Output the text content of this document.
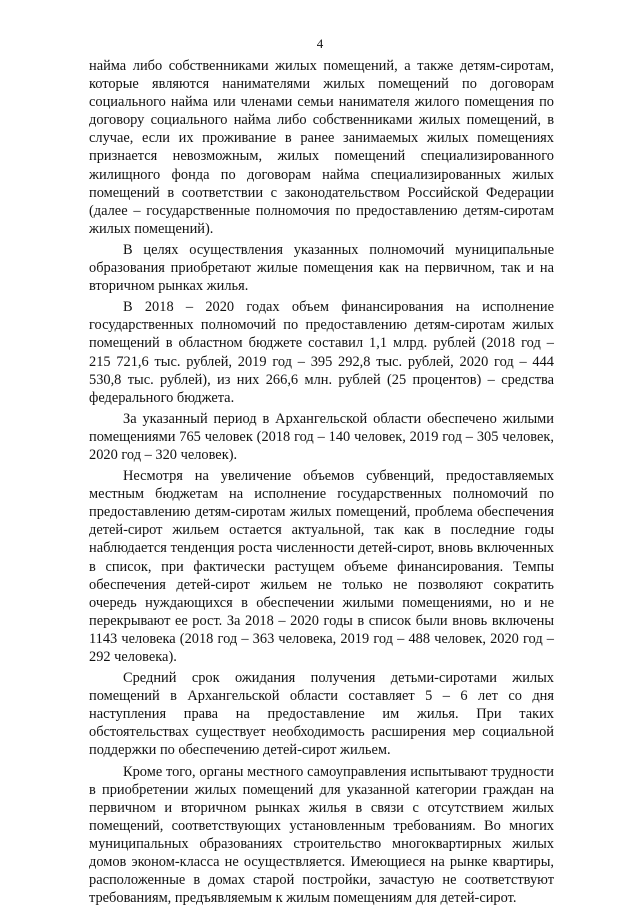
4

найма либо собственниками жилых помещений, а также детям-сиротам, которые являются нанимателями жилых помещений по договорам социального найма или членами семьи нанимателя жилого помещения по договору социального найма либо собственниками жилых помещений, в случае, если их проживание в ранее занимаемых жилых помещениях признается невозможным, жилых помещений специализированного жилищного фонда по договорам найма специализированных жилых помещений в соответствии с законодательством Российской Федерации (далее – государственные полномочия по предоставлению детям-сиротам жилых помещений).

В целях осуществления указанных полномочий муниципальные образования приобретают жилые помещения как на первичном, так и на вторичном рынках жилья.

В 2018 – 2020 годах объем финансирования на исполнение государственных полномочий по предоставлению детям-сиротам жилых помещений в областном бюджете составил 1,1 млрд. рублей (2018 год – 215 721,6 тыс. рублей, 2019 год – 395 292,8 тыс. рублей, 2020 год – 444 530,8 тыс. рублей), из них 266,6 млн. рублей (25 процентов) – средства федерального бюджета.

За указанный период в Архангельской области обеспечено жилыми помещениями 765 человек (2018 год – 140 человек, 2019 год – 305 человек, 2020 год – 320 человек).

Несмотря на увеличение объемов субвенций, предоставляемых местным бюджетам на исполнение государственных полномочий по предоставлению детям-сиротам жилых помещений, проблема обеспечения детей-сирот жильем остается актуальной, так как в последние годы наблюдается тенденция роста численности детей-сирот, вновь включенных в список, при фактически растущем объеме финансирования. Темпы обеспечения детей-сирот жильем не только не позволяют сократить очередь нуждающихся в обеспечении жилыми помещениями, но и не перекрывают ее рост. За 2018 – 2020 годы в список были вновь включены 1143 человека (2018 год – 363 человека, 2019 год – 488 человек, 2020 год – 292 человека).

Средний срок ожидания получения детьми-сиротами жилых помещений в Архангельской области составляет 5 – 6 лет со дня наступления права на предоставление им жилья. При таких обстоятельствах существует необходимость расширения мер социальной поддержки по обеспечению детей-сирот жильем.

Кроме того, органы местного самоуправления испытывают трудности в приобретении жилых помещений для указанной категории граждан на первичном и вторичном рынках жилья в связи с отсутствием жилых помещений, соответствующих установленным требованиям. Во многих муниципальных образованиях строительство многоквартирных жилых домов эконом-класса не осуществляется. Имеющиеся на рынке квартиры, расположенные в домах старой постройки, зачастую не соответствуют требованиям, предъявляемым к жилым помещениям для детей-сирот.
